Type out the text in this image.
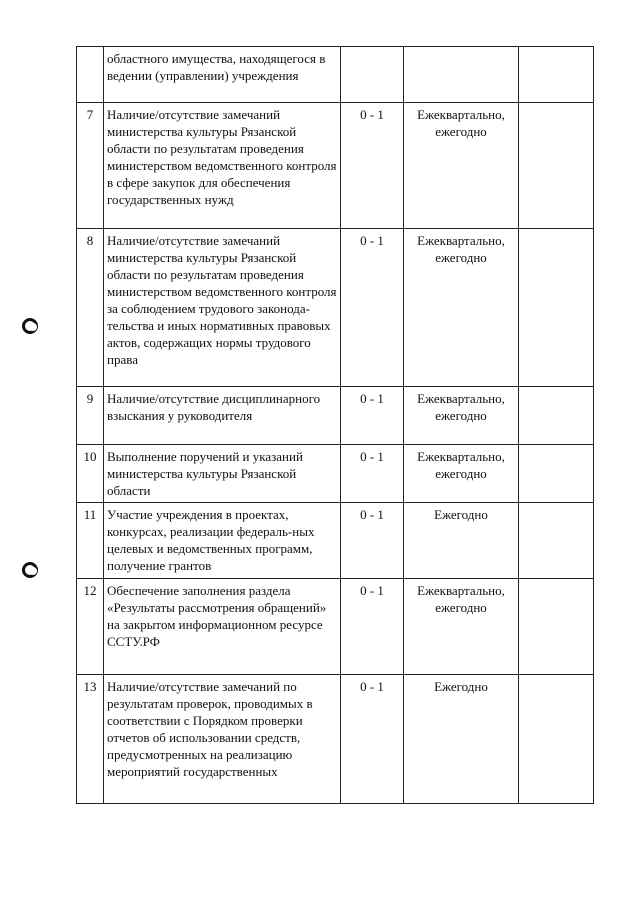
	областного имущества, находящегося в ведении (управлении) учреждения			
7	Наличие/отсутствие замечаний министерства культуры Рязанской области по результатам проведения министерством ведомственного контроля в сфере закупок для обеспечения государственных нужд	0 - 1	Ежеквартально, ежегодно	
8	Наличие/отсутствие замечаний министерства культуры Рязанской области по результатам проведения министерством ведомственного контроля за соблюдением трудового законода-тельства и иных нормативных правовых актов, содержащих нормы трудового права	0 - 1	Ежеквартально, ежегодно	
9	Наличие/отсутствие дисциплинарного взыскания у руководителя	0 - 1	Ежеквартально, ежегодно	
10	Выполнение поручений и указаний министерства культуры Рязанской области	0 - 1	Ежеквартально, ежегодно	
11	Участие учреждения в проектах, конкурсах, реализации федераль-ных целевых и ведомственных программ, получение грантов	0 - 1	Ежегодно	
12	Обеспечение заполнения раздела «Результаты рассмотрения обращений» на закрытом информационном ресурсе ССТУ.РФ	0 - 1	Ежеквартально, ежегодно	
13	Наличие/отсутствие замечаний по результатам проверок, проводимых в соответствии с Порядком проверки отчетов об использовании средств, предусмотренных на реализацию мероприятий государственных	0 - 1	Ежегодно	
